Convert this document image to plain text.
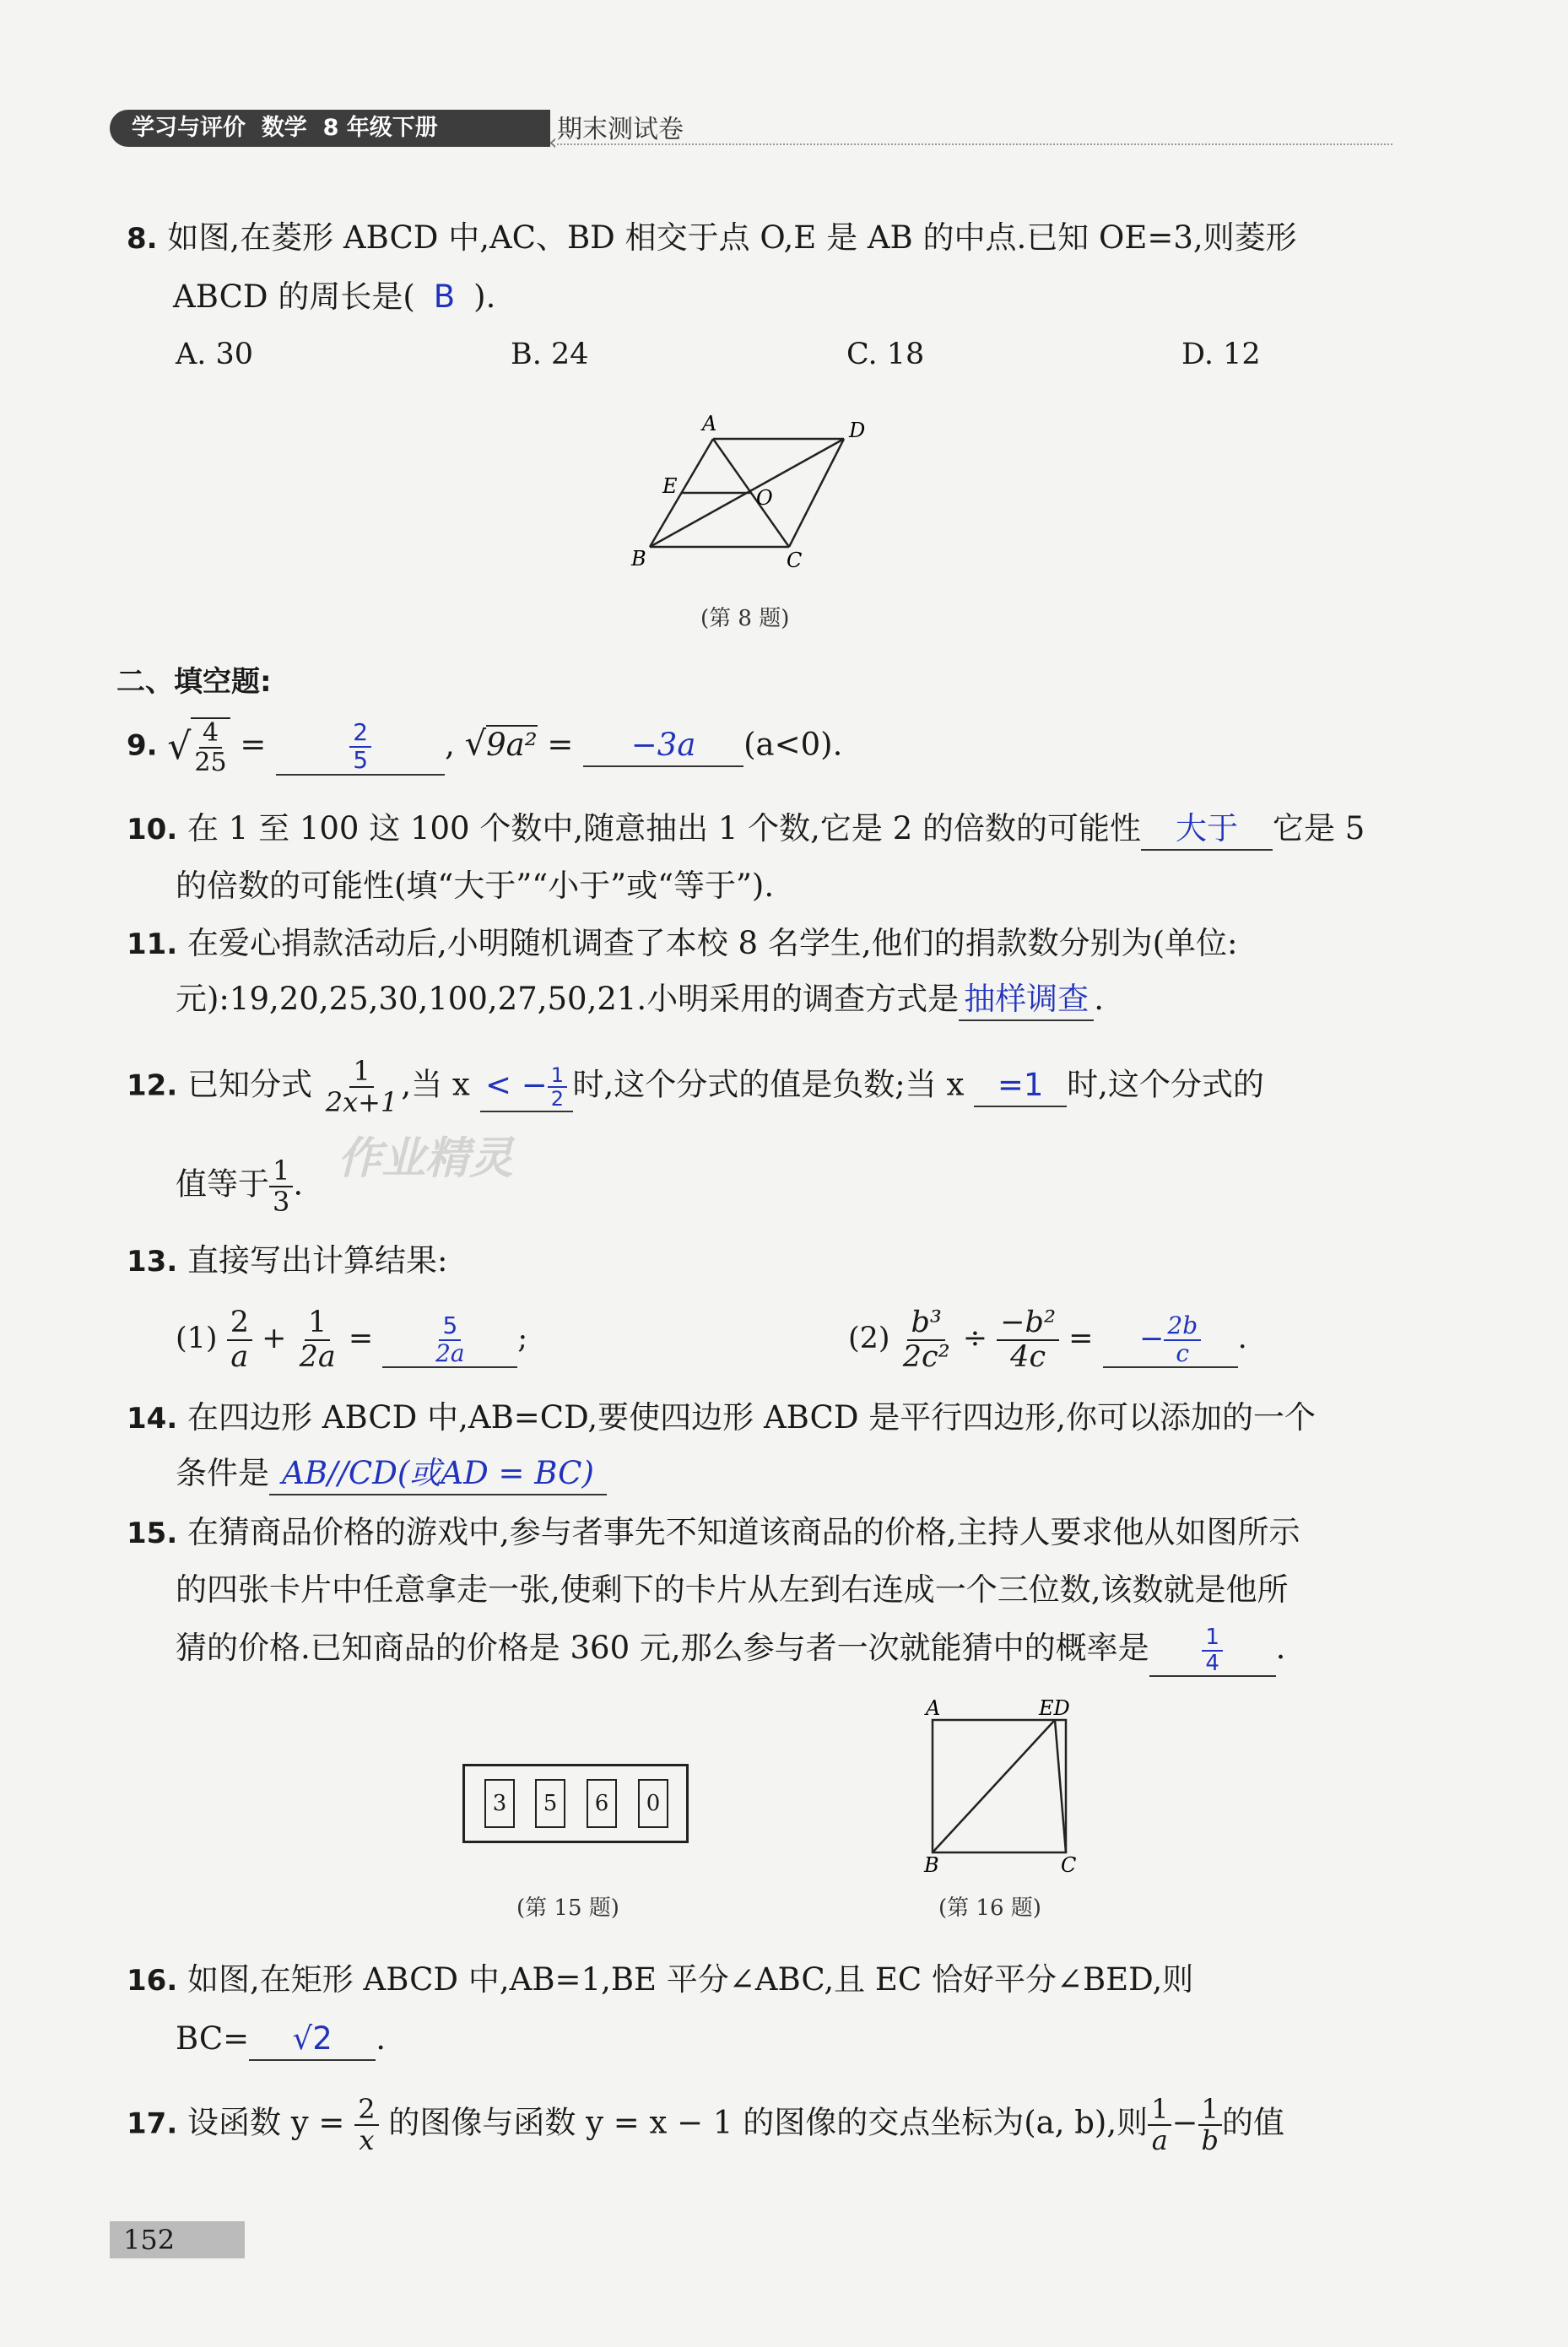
学习与评价 数学 8 年级下册
‹ 期末测试卷
8. 如图,在菱形 ABCD 中,AC、BD 相交于点 O,E 是 AB 的中点.已知 OE=3,则菱形
ABCD 的周长是( B ).
A. 30	B. 24	C. 18	D. 12
A	D
E	O
B	C
(第 8 题)
二、填空题:
9. √ $\frac{4}{25}$ =	$\frac{2}{5}$ , √9a² = −3a (a<0).
10. 在 1 至 100 这 100 个数中,随意抽出 1 个数,它是 2 的倍数的可能性 大于 它是 5
的倍数的可能性(填“大于”“小于”或“等于”).
11. 在爱心捐款活动后,小明随机调查了本校 8 名学生,他们的捐款数分别为(单位:
元):19,20,25,30,100,27,50,21.小明采用的调查方式是 抽样调查 .
12. 已知分式 $\frac{1}{2x+1}$ ,当 x < − $\frac{1}{2}$ 时,这个分式的值是负数;当 x =1 时,这个分式的
值等于 $\frac{1}{3}$ .
作业精灵
13. 直接写出计算结果:
$(1) \frac{2}{a} + \frac{1}{2a} = \frac{5}{2a}$ ;	$(2) \frac{\text{b³}}{\text{2c²}} \div \frac{\text{−b²}}{4c}$ = − $\frac{2b}{c}$ .
14. 在四边形 ABCD 中,AB=CD,要使四边形 ABCD 是平行四边形,你可以添加的一个
条件是 AB//CD(或AD = BC)
15. 在猜商品价格的游戏中,参与者事先不知道该商品的价格,主持人要求他从如图所示
的四张卡片中任意拿走一张,使剩下的卡片从左到右连成一个三位数,该数就是他所
猜的价格.已知商品的价格是 360 元,那么参与者一次就能猜中的概率是 $\frac{1}{4}$ .
3	5	6	0
(第 15 题)
A	ED
B	C
(第 16 题)
16. 如图,在矩形 ABCD 中,AB=1,BE 平分∠ABC,且 EC 恰好平分∠BED,则
BC= √2 .
17. 设函数 $y = \frac{2}{x}$ 的图像与函数 y = x − 1 的图像的交点坐标为(a, b),则 $\frac{1}{a} - \frac{1}{b}$ 的值
152
